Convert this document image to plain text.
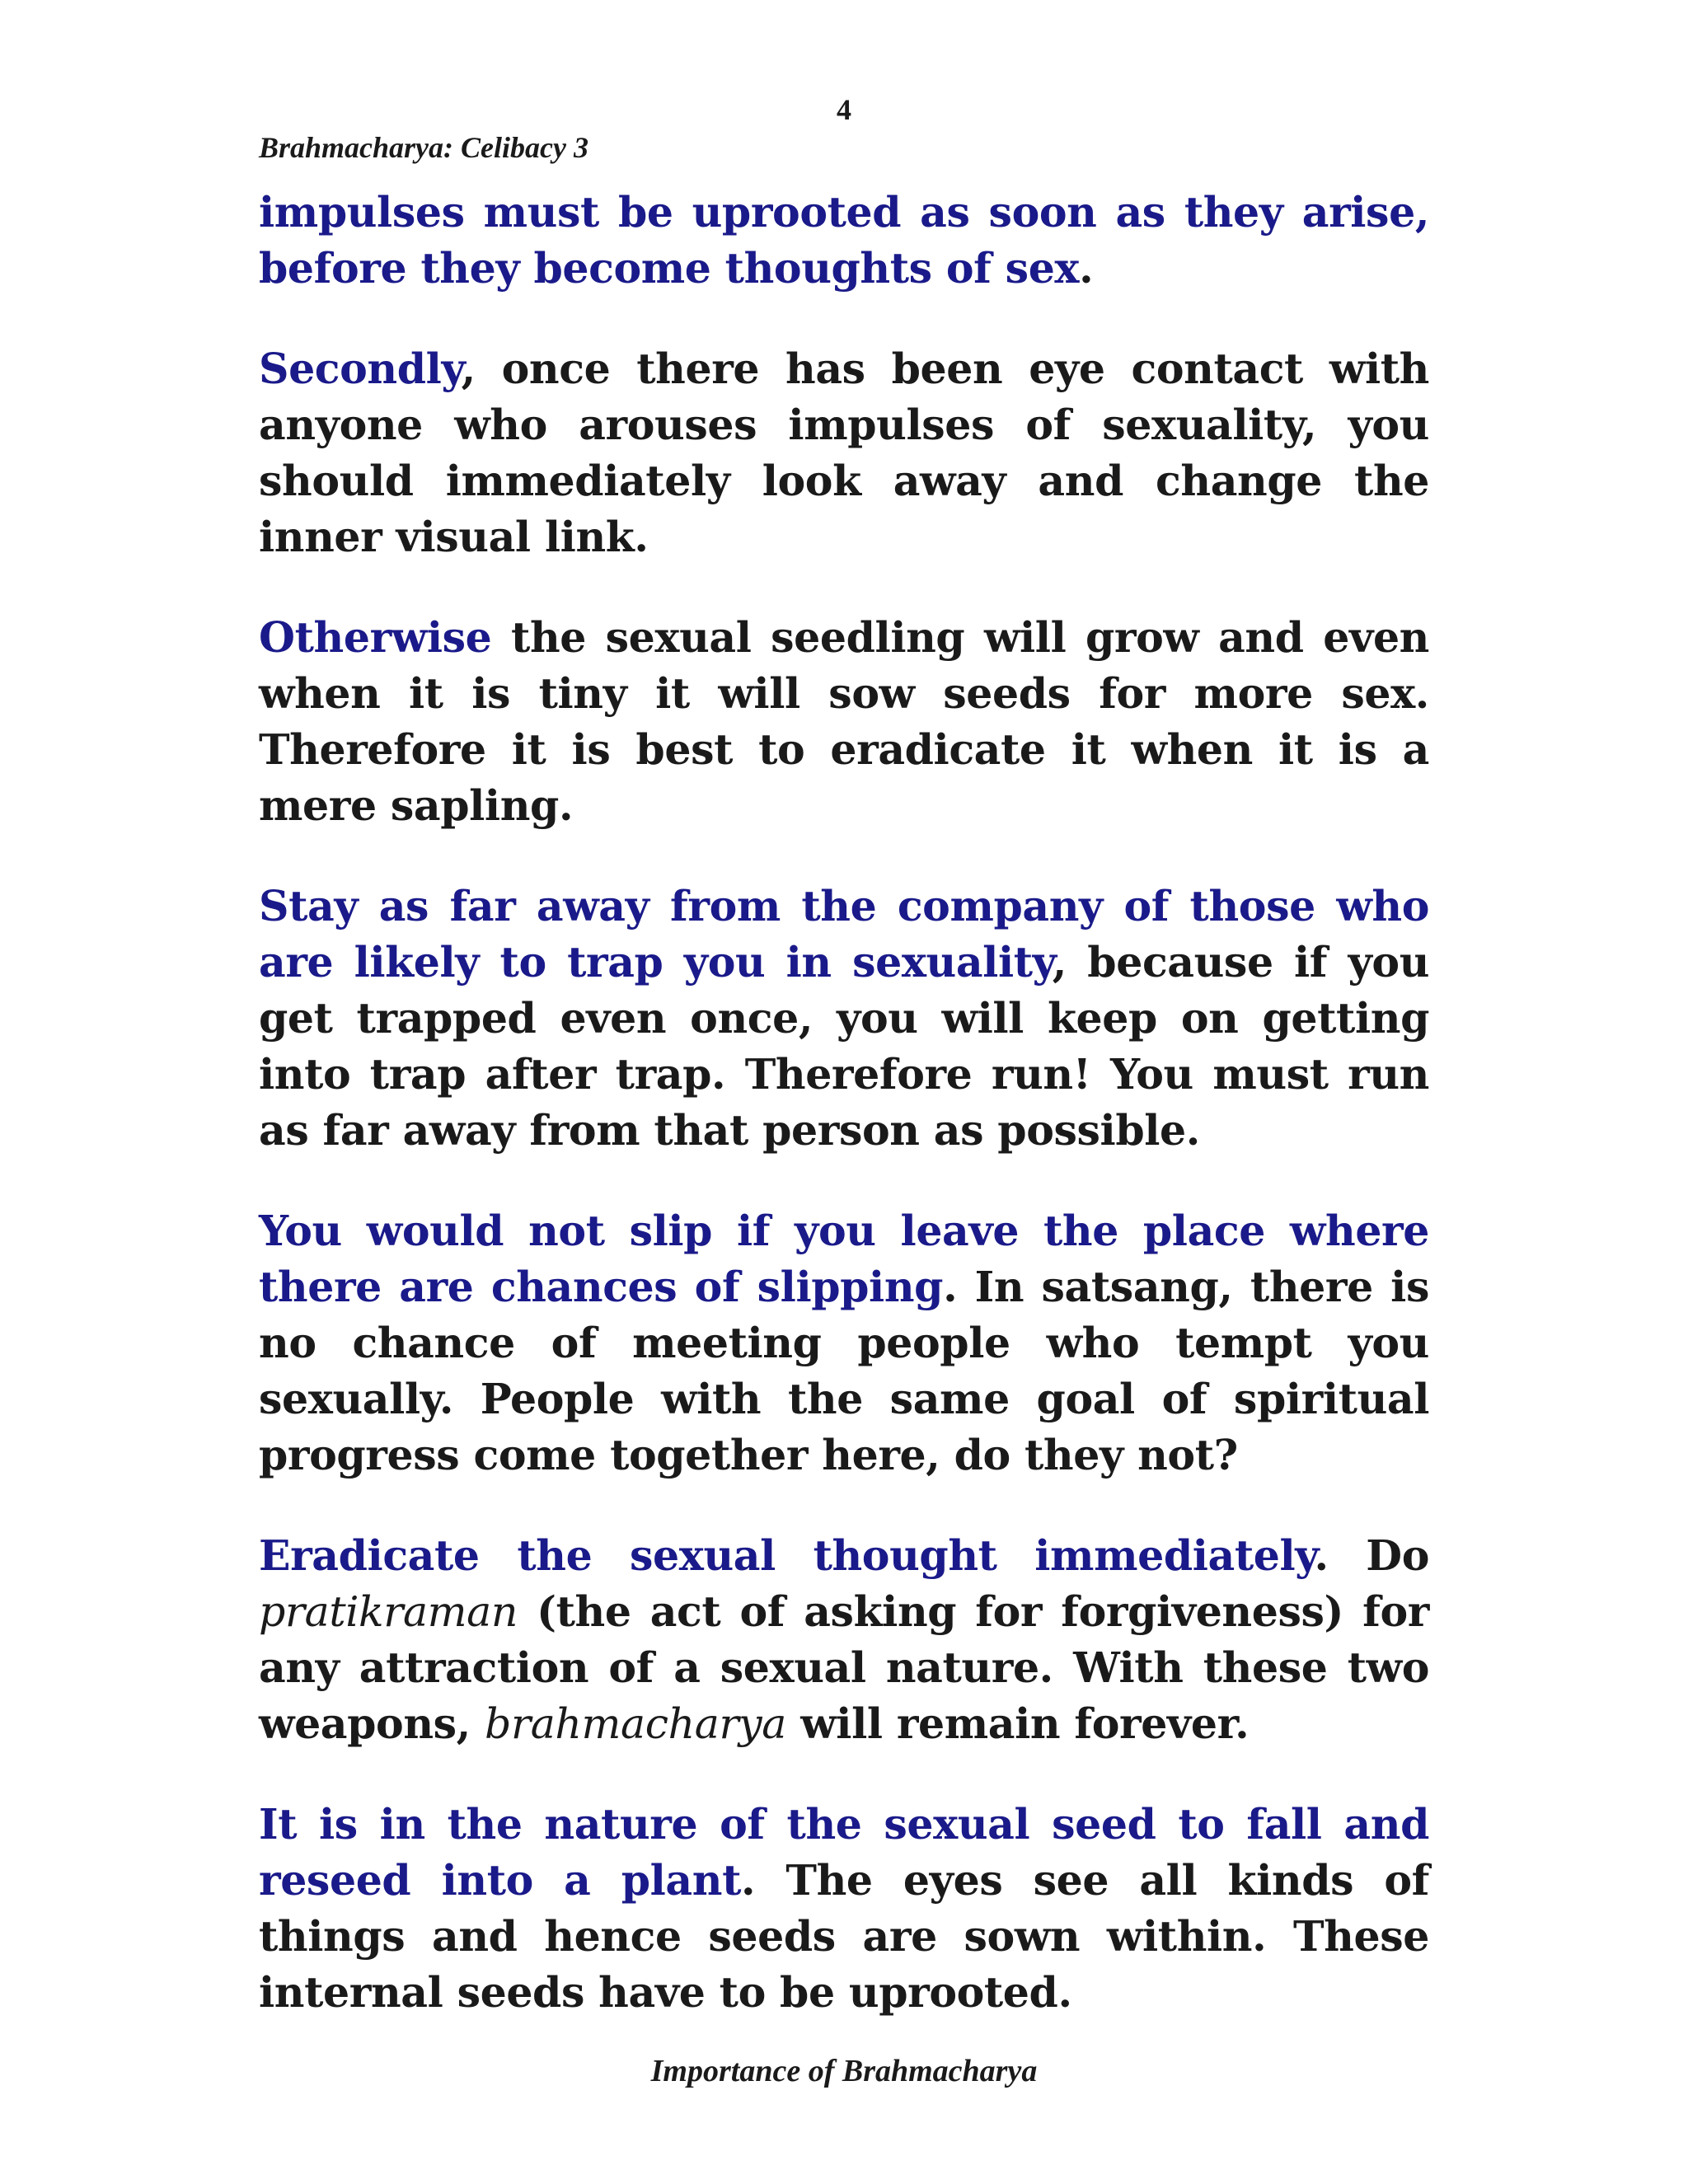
4
Brahmacharya: Celibacy 3

impulses must be uprooted as soon as they arise, before they become thoughts of sex.

Secondly, once there has been eye contact with anyone who arouses impulses of sexuality, you should immediately look away and change the inner visual link.

Otherwise the sexual seedling will grow and even when it is tiny it will sow seeds for more sex. Therefore it is best to eradicate it when it is a mere sapling.

Stay as far away from the company of those who are likely to trap you in sexuality, because if you get trapped even once, you will keep on getting into trap after trap. Therefore run! You must run as far away from that person as possible.

You would not slip if you leave the place where there are chances of slipping. In satsang, there is no chance of meeting people who tempt you sexually. People with the same goal of spiritual progress come together here, do they not?

Eradicate the sexual thought immediately. Do pratikraman (the act of asking for forgiveness) for any attraction of a sexual nature. With these two weapons, brahmacharya will remain forever.

It is in the nature of the sexual seed to fall and reseed into a plant. The eyes see all kinds of things and hence seeds are sown within. These internal seeds have to be uprooted.

Importance of Brahmacharya
